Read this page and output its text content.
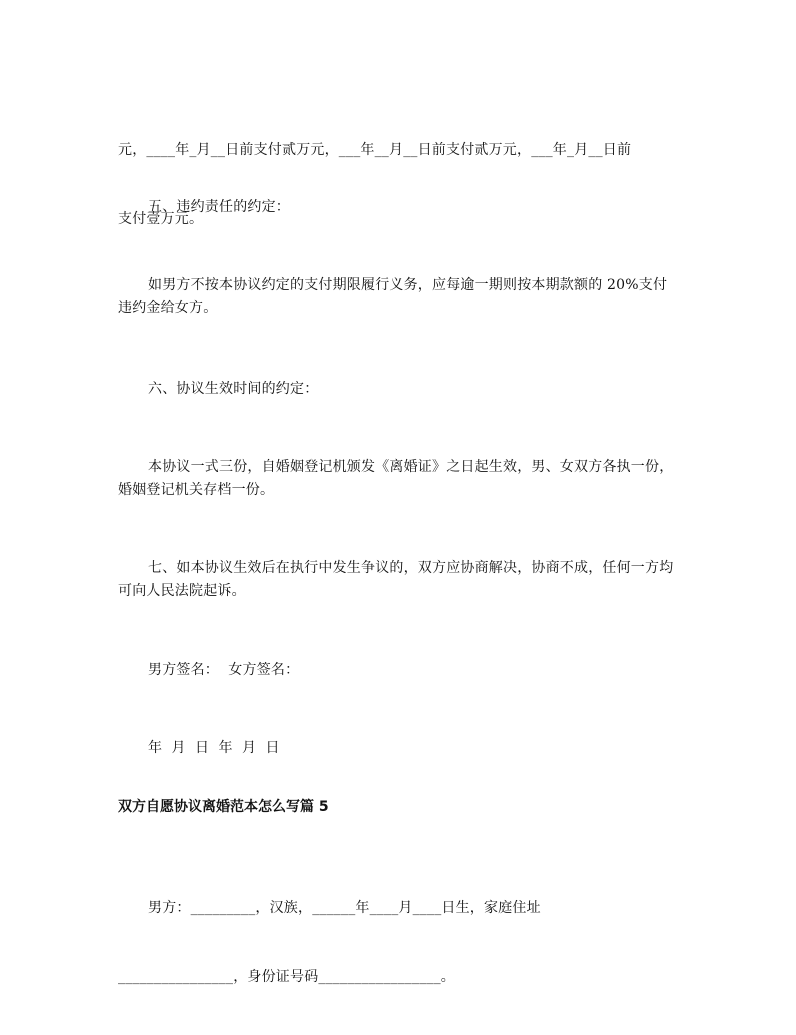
元，____年_月__日前支付贰万元，___年__月__日前支付贰万元，___年_月__日前

支付壹万元。

五、违约责任的约定：
如男方不按本协议约定的支付期限履行义务，应每逾一期则按本期款额的 20%支付违约金给女方。
六、协议生效时间的约定：
本协议一式三份，自婚姻登记机颁发《离婚证》之日起生效，男、女双方各执一份，婚姻登记机关存档一份。
七、如本协议生效后在执行中发生争议的，双方应协商解决，协商不成，任何一方均可向人民法院起诉。
男方签名：  女方签名：
年  月  日  年  月  日
双方自愿协议离婚范本怎么写篇 5

男方：_________，汉族，______年____月____日生，家庭住址

________________，身份证号码_________________。
